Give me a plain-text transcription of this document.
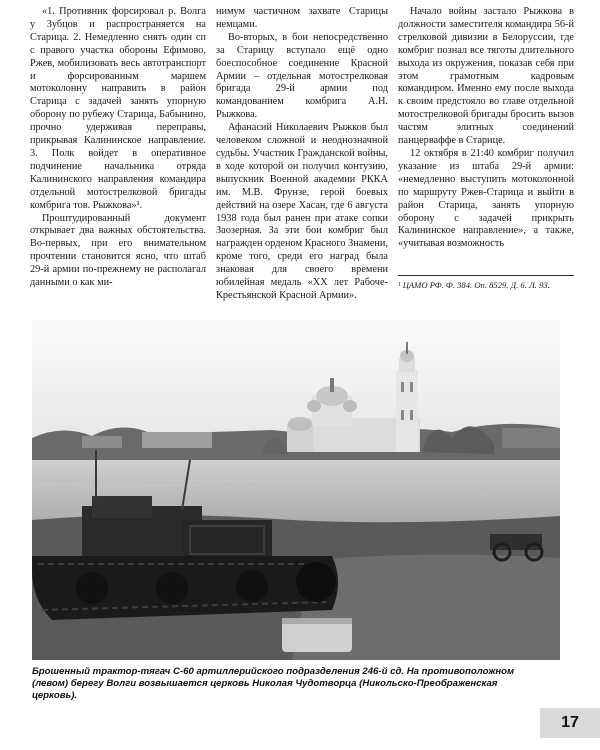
«1. Противник форсировал р. Волга у Зубцов и распространяется на Старица. 2. Немедленно снять один сп с правого участка обороны Ефимово, Ржев, мобилизовать весь автотранспорт и форсированным маршем мотоколонну направить в район Старица с задачей занять упорную оборону по рубежу Старица, Бабынино, прочно удерживая переправы, прикрывая Калининское направление. 3. Полк войдет в оперативное подчинение начальника отряда Калининского направления командира отдельной мотострелковой бригады комбрига тов. Рыжкова»¹.

Проштудированный документ открывает два важных обстоятельства. Во-первых, при его внимательном прочтении становится ясно, что штаб 29-й армии по-прежнему не располагал данными о как ми-

нимум частичном захвате Старицы немцами.

Во-вторых, в бои непосредственно за Старицу вступало ещё одно боеспособное соединение Красной Армии – отдельная мотострелковая бригада 29-й армии под командованием комбрига А.Н. Рыжкова.

Афанасий Николаевич Рыжков был человеком сложной и неоднозначной судьбы. Участник Гражданской войны, в ходе которой он получил контузию, выпускник Военной академии РККА им. М.В. Фрунзе, герой боевых действий на озере Хасан, где 6 августа 1938 года был ранен при атаке сопки Заозерная. За эти бои комбриг был награжден орденом Красного Знамени, кроме того, среди его наград была знаковая для своего времени юбилейная медаль «XX лет Рабоче-Крестьянской Красной Армии».

Начало войны застало Рыжкова в должности заместителя командира 56-й стрелковой дивизии в Белоруссии, где комбриг познал все тяготы длительного выхода из окружения, показав себя при этом грамотным кадровым командиром. Именно ему после выхода к своим предстояло во главе отдельной мотострелковой бригады бросить вызов частям элитных соединений панцерваффе в Старице.

12 октября в 21:40 комбриг получил указание из штаба 29-й армии: «немедленно выступить мотоколонной по маршруту Ржев-Старица и выйти в район Старица, занять упорную оборону с задачей прикрыть Калининское направление», а также, «учитывая возможность

¹ ЦАМО РФ. Ф. 384. Оп. 8529. Д. 6. Л. 93.
Брошенный трактор-тягач С-60 артиллерийского подразделения 246-й сд. На противоположном (левом) берегу Волги возвышается церковь Николая Чудотворца (Никольско-Преображенская церковь).
17
